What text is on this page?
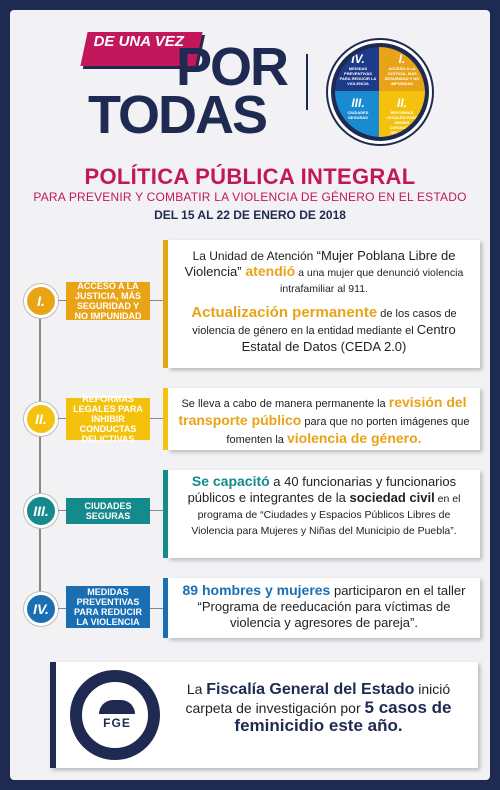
DE UNA VEZ
POR
TODAS
IV.
MEDIDAS PREVENTIVAS PARA REDUCIR LA VIOLENCIA
I.
ACCESO A LA JUSTICIA, MÁS SEGURIDAD Y NO IMPUNIDAD
III.
CIUDADES SEGURAS
II.
REFORMAS LEGALES PARA INHIBIR CONDUCTAS DELICTIVAS
POLÍTICA PÚBLICA INTEGRAL
PARA PREVENIR Y COMBATIR LA VIOLENCIA DE GÉNERO EN EL ESTADO
DEL 15 AL 22 DE ENERO DE 2018
I.
ACCESO A LA JUSTICIA, MÁS SEGURIDAD Y NO IMPUNIDAD
La Unidad de Atención “Mujer Poblana Libre de Violencia” atendió a una mujer que denunció violencia intrafamiliar al 911.
Actualización permanente de los casos de violencia de género en la entidad mediante el Centro Estatal de Datos (CEDA 2.0)
II.
REFORMAS LEGALES PARA INHIBIR CONDUCTAS DELICTIVAS
Se lleva a cabo de manera permanente la revisión del transporte público para que no porten imágenes que fomenten la violencia de género.
III.	CIUDADES SEGURAS
Se capacitó a 40 funcionarias y funcionarios públicos e integrantes de la sociedad civil en el programa de “Ciudades y Espacios Públicos Libres de Violencia para Mujeres y Niñas del Municipio de Puebla”.
IV.
MEDIDAS PREVENTIVAS PARA REDUCIR LA VIOLENCIA
89 hombres y mujeres participaron en el taller “Programa de reeducación para víctimas de violencia y agresores de pareja”.
FGE
La Fiscalía General del Estado inició carpeta de investigación por 5 casos de feminicidio este año.
